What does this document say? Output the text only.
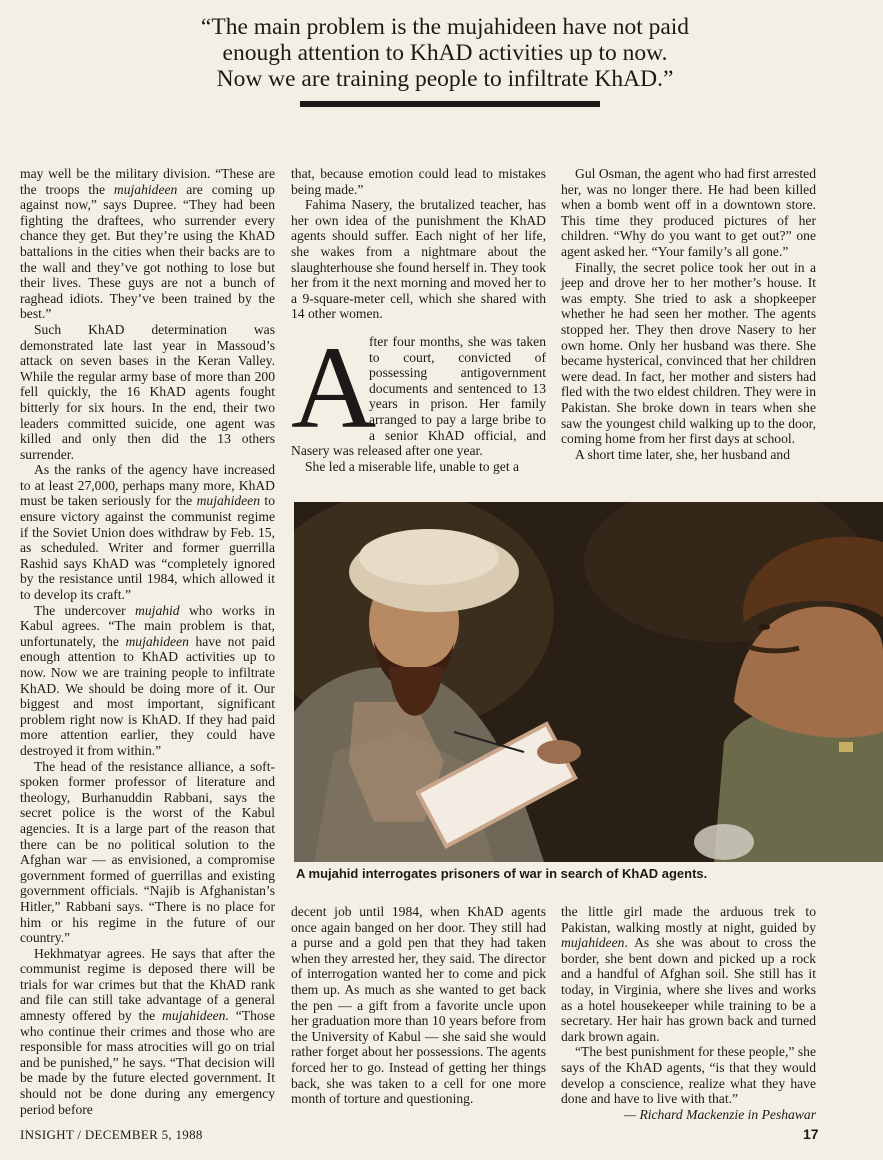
“The main problem is the mujahideen have not paid
enough attention to KhAD activities up to now.
Now we are training people to infiltrate KhAD.”

may well be the military division. “These are the troops the mujahideen are coming up against now,” says Dupree. “They had been fighting the draftees, who surrender every chance they get. But they’re using the KhAD battalions in the cities when their backs are to the wall and they’ve got nothing to lose but their lives. These guys are not a bunch of raghead idiots. They’ve been trained by the best.”

Such KhAD determination was demonstrated late last year in Massoud’s attack on seven bases in the Keran Valley. While the regular army base of more than 200 fell quickly, the 16 KhAD agents fought bitterly for six hours. In the end, their two leaders committed suicide, one agent was killed and only then did the 13 others surrender.

As the ranks of the agency have increased to at least 27,000, perhaps many more, KhAD must be taken seriously for the mujahideen to ensure victory against the communist regime if the Soviet Union does withdraw by Feb. 15, as scheduled. Writer and former guerrilla Rashid says KhAD was “completely ignored by the resistance until 1984, which allowed it to develop its craft.”

The undercover mujahid who works in Kabul agrees. “The main problem is that, unfortunately, the mujahideen have not paid enough attention to KhAD activities up to now. Now we are training people to infiltrate KhAD. We should be doing more of it. Our biggest and most important, significant problem right now is KhAD. If they had paid more attention earlier, they could have destroyed it from within.”

The head of the resistance alliance, a soft-spoken former professor of literature and theology, Burhanuddin Rabbani, says the secret police is the worst of the Kabul agencies. It is a large part of the reason that there can be no political solution to the Afghan war — as envisioned, a compromise government formed of guerrillas and existing government officials. “Najib is Afghanistan’s Hitler,” Rabbani says. “There is no place for him or his regime in the future of our country.”

Hekhmatyar agrees. He says that after the communist regime is deposed there will be trials for war crimes but that the KhAD rank and file can still take advantage of a general amnesty offered by the mujahideen. “Those who continue their crimes and those who are responsible for mass atrocities will go on trial and be punished,” he says. “That decision will be made by the future elected government. It should not be done during any emergency period before

that, because emotion could lead to mistakes being made.”

Fahima Nasery, the brutalized teacher, has her own idea of the punishment the KhAD agents should suffer. Each night of her life, she wakes from a nightmare about the slaughterhouse she found herself in. They took her from it the next morning and moved her to a 9-square-meter cell, which she shared with 14 other women.

A
fter four months, she was taken to court, convicted of possessing antigovernment documents and sentenced to 13 years in prison. Her family arranged to pay a large bribe to a senior KhAD official, and Nasery was released after one year.

She led a miserable life, unable to get a

Gul Osman, the agent who had first arrested her, was no longer there. He had been killed when a bomb went off in a downtown store. This time they produced pictures of her children. “Why do you want to get out?” one agent asked her. “Your family’s all gone.”

Finally, the secret police took her out in a jeep and drove her to her mother’s house. It was empty. She tried to ask a shopkeeper whether he had seen her mother. The agents stopped her. They then drove Nasery to her own home. Only her husband was there. She became hysterical, convinced that her children were dead. In fact, her mother and sisters had fled with the two eldest children. They were in Pakistan. She broke down in tears when she saw the youngest child walking up to the door, coming home from her first days at school.

A short time later, she, her husband and

A mujahid interrogates prisoners of war in search of KhAD agents.

decent job until 1984, when KhAD agents once again banged on her door. They still had a purse and a gold pen that they had taken when they arrested her, they said. The director of interrogation wanted her to come and pick them up. As much as she wanted to get back the pen — a gift from a favorite uncle upon her graduation more than 10 years before from the University of Kabul — she said she would rather forget about her possessions. The agents forced her to go. Instead of getting her things back, she was taken to a cell for one more month of torture and questioning.

the little girl made the arduous trek to Pakistan, walking mostly at night, guided by mujahideen. As she was about to cross the border, she bent down and picked up a rock and a handful of Afghan soil. She still has it today, in Virginia, where she lives and works as a hotel housekeeper while training to be a secretary. Her hair has grown back and turned dark brown again.

“The best punishment for these people,” she says of the KhAD agents, “is that they would develop a conscience, realize what they have done and have to live with that.”

— Richard Mackenzie in Peshawar

INSIGHT / DECEMBER 5, 1988	17
